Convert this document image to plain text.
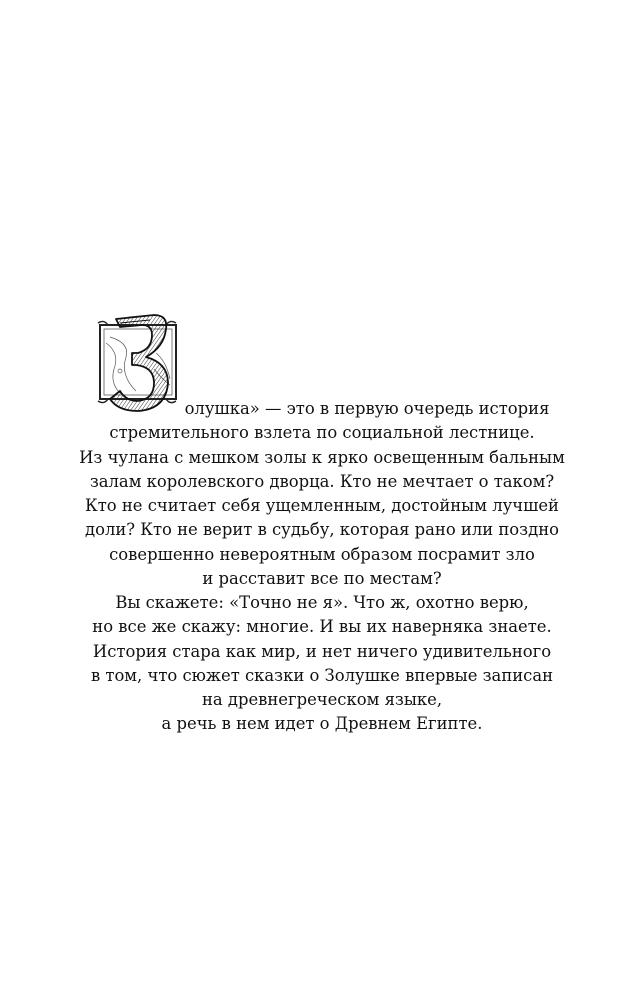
олушка» — это в первую очередь история
стремительного взлета по социальной лестнице.
Из чулана с мешком золы к ярко освещенным бальным
залам королевского дворца. Кто не мечтает о таком?
Кто не считает себя ущемленным, достойным лучшей
доли? Кто не верит в судьбу, которая рано или поздно
совершенно невероятным образом посрамит зло
и расставит все по местам?
Вы скажете: «Точно не я». Что ж, охотно верю,
но все же скажу: многие. И вы их наверняка знаете.
История стара как мир, и нет ничего удивительного
в том, что сюжет сказки о Золушке впервые записан
на древнегреческом языке,
а речь в нем идет о Древнем Египте.
